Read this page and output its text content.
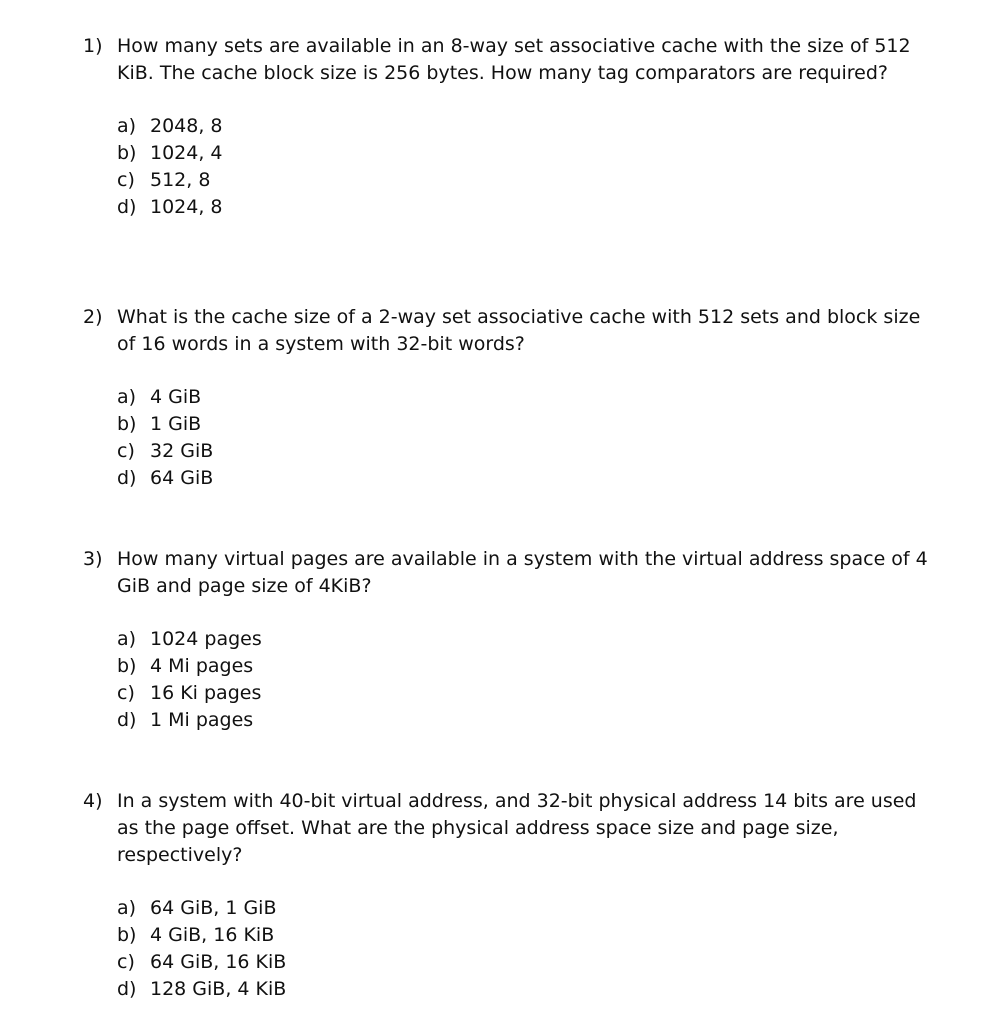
1) How many sets are available in an 8-way set associative cache with the size of 512 KiB. The cache block size is 256 bytes. How many tag comparators are required?
a) 2048, 8
b) 1024, 4
c) 512, 8
d) 1024, 8
2) What is the cache size of a 2-way set associative cache with 512 sets and block size of 16 words in a system with 32-bit words?
a) 4 GiB
b) 1 GiB
c) 32 GiB
d) 64 GiB
3) How many virtual pages are available in a system with the virtual address space of 4 GiB and page size of 4KiB?
a) 1024 pages
b) 4 Mi pages
c) 16 Ki pages
d) 1 Mi pages
4) In a system with 40-bit virtual address, and 32-bit physical address 14 bits are used as the page offset. What are the physical address space size and page size, respectively?
a) 64 GiB, 1 GiB
b) 4 GiB, 16 KiB
c) 64 GiB, 16 KiB
d) 128 GiB, 4 KiB
